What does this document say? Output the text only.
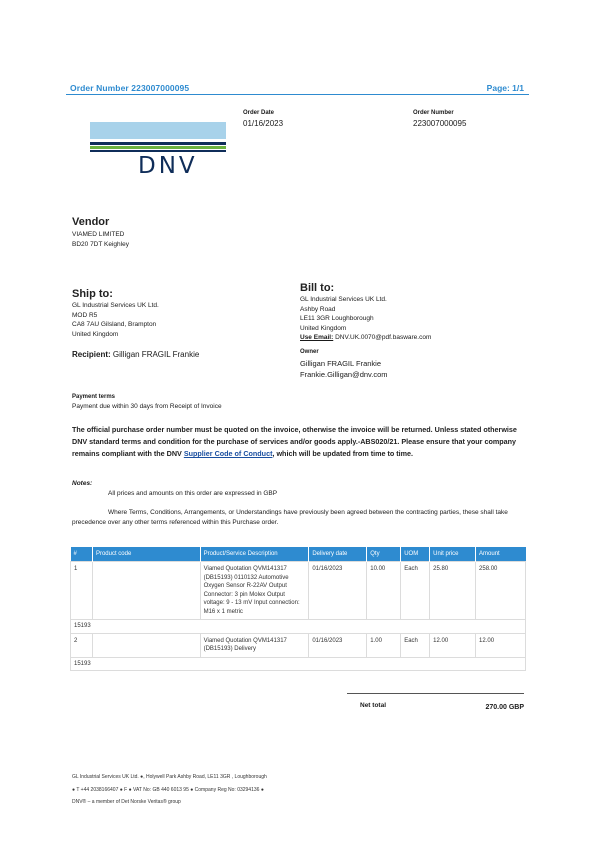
Order Number 223007000095	Page: 1/1
DNV
Order Date
01/16/2023
Order Number
223007000095
Vendor
VIAMED LIMITED
BD20 7DT Keighley
Ship to:
GL Industrial Services UK Ltd.
MOD R5
CA8 7AU Gilsland, Brampton
United Kingdom
Recipient: Gilligan FRAGIL Frankie
Bill to:
GL Industrial Services UK Ltd.
Ashby Road
LE11 3GR Loughborough
United Kingdom
Use Email: DNV.UK.0070@pdf.basware.com
Owner
Gilligan FRAGIL Frankie
Frankie.Gilligan@dnv.com
Payment terms
Payment due within 30 days from Receipt of Invoice
The official purchase order number must be quoted on the invoice, otherwise the invoice will be returned. Unless stated otherwise DNV standard terms and condition for the purchase of services and/or goods apply.-ABS020/21. Please ensure that your company remains compliant with the DNV Supplier Code of Conduct, which will be updated from time to time.
Notes:
All prices and amounts on this order are expressed in GBP
Where Terms, Conditions, Arrangements, or Understandings have previously been agreed between the contracting parties, these shall take precedence over any other terms referenced within this Purchase order.
#	Product code	Product/Service Description	Delivery date	Qty	UOM	Unit price	Amount
1		Viamed Quotation QVM141317 (DB15193) 0110132 Automotive Oxygen Sensor R-22AV Output Connector: 3 pin Molex Output voltage: 9 - 13 mV Input connection: M16 x 1 metric	01/16/2023	10.00	Each	25.80	258.00
15193							
2		Viamed Quotation QVM141317 (DB15193) Delivery	01/16/2023	1.00	Each	12.00	12.00
15193							
Net total	270.00 GBP
GL Industrial Services UK Ltd. ●, Holywell Park Ashby Road, LE11 3GR , Loughborough
● T +44 2038166407 ● F ● VAT No: GB 440 6013 95 ● Company Reg No: 03294136 ●
DNV® – a member of Det Norske Veritas® group
